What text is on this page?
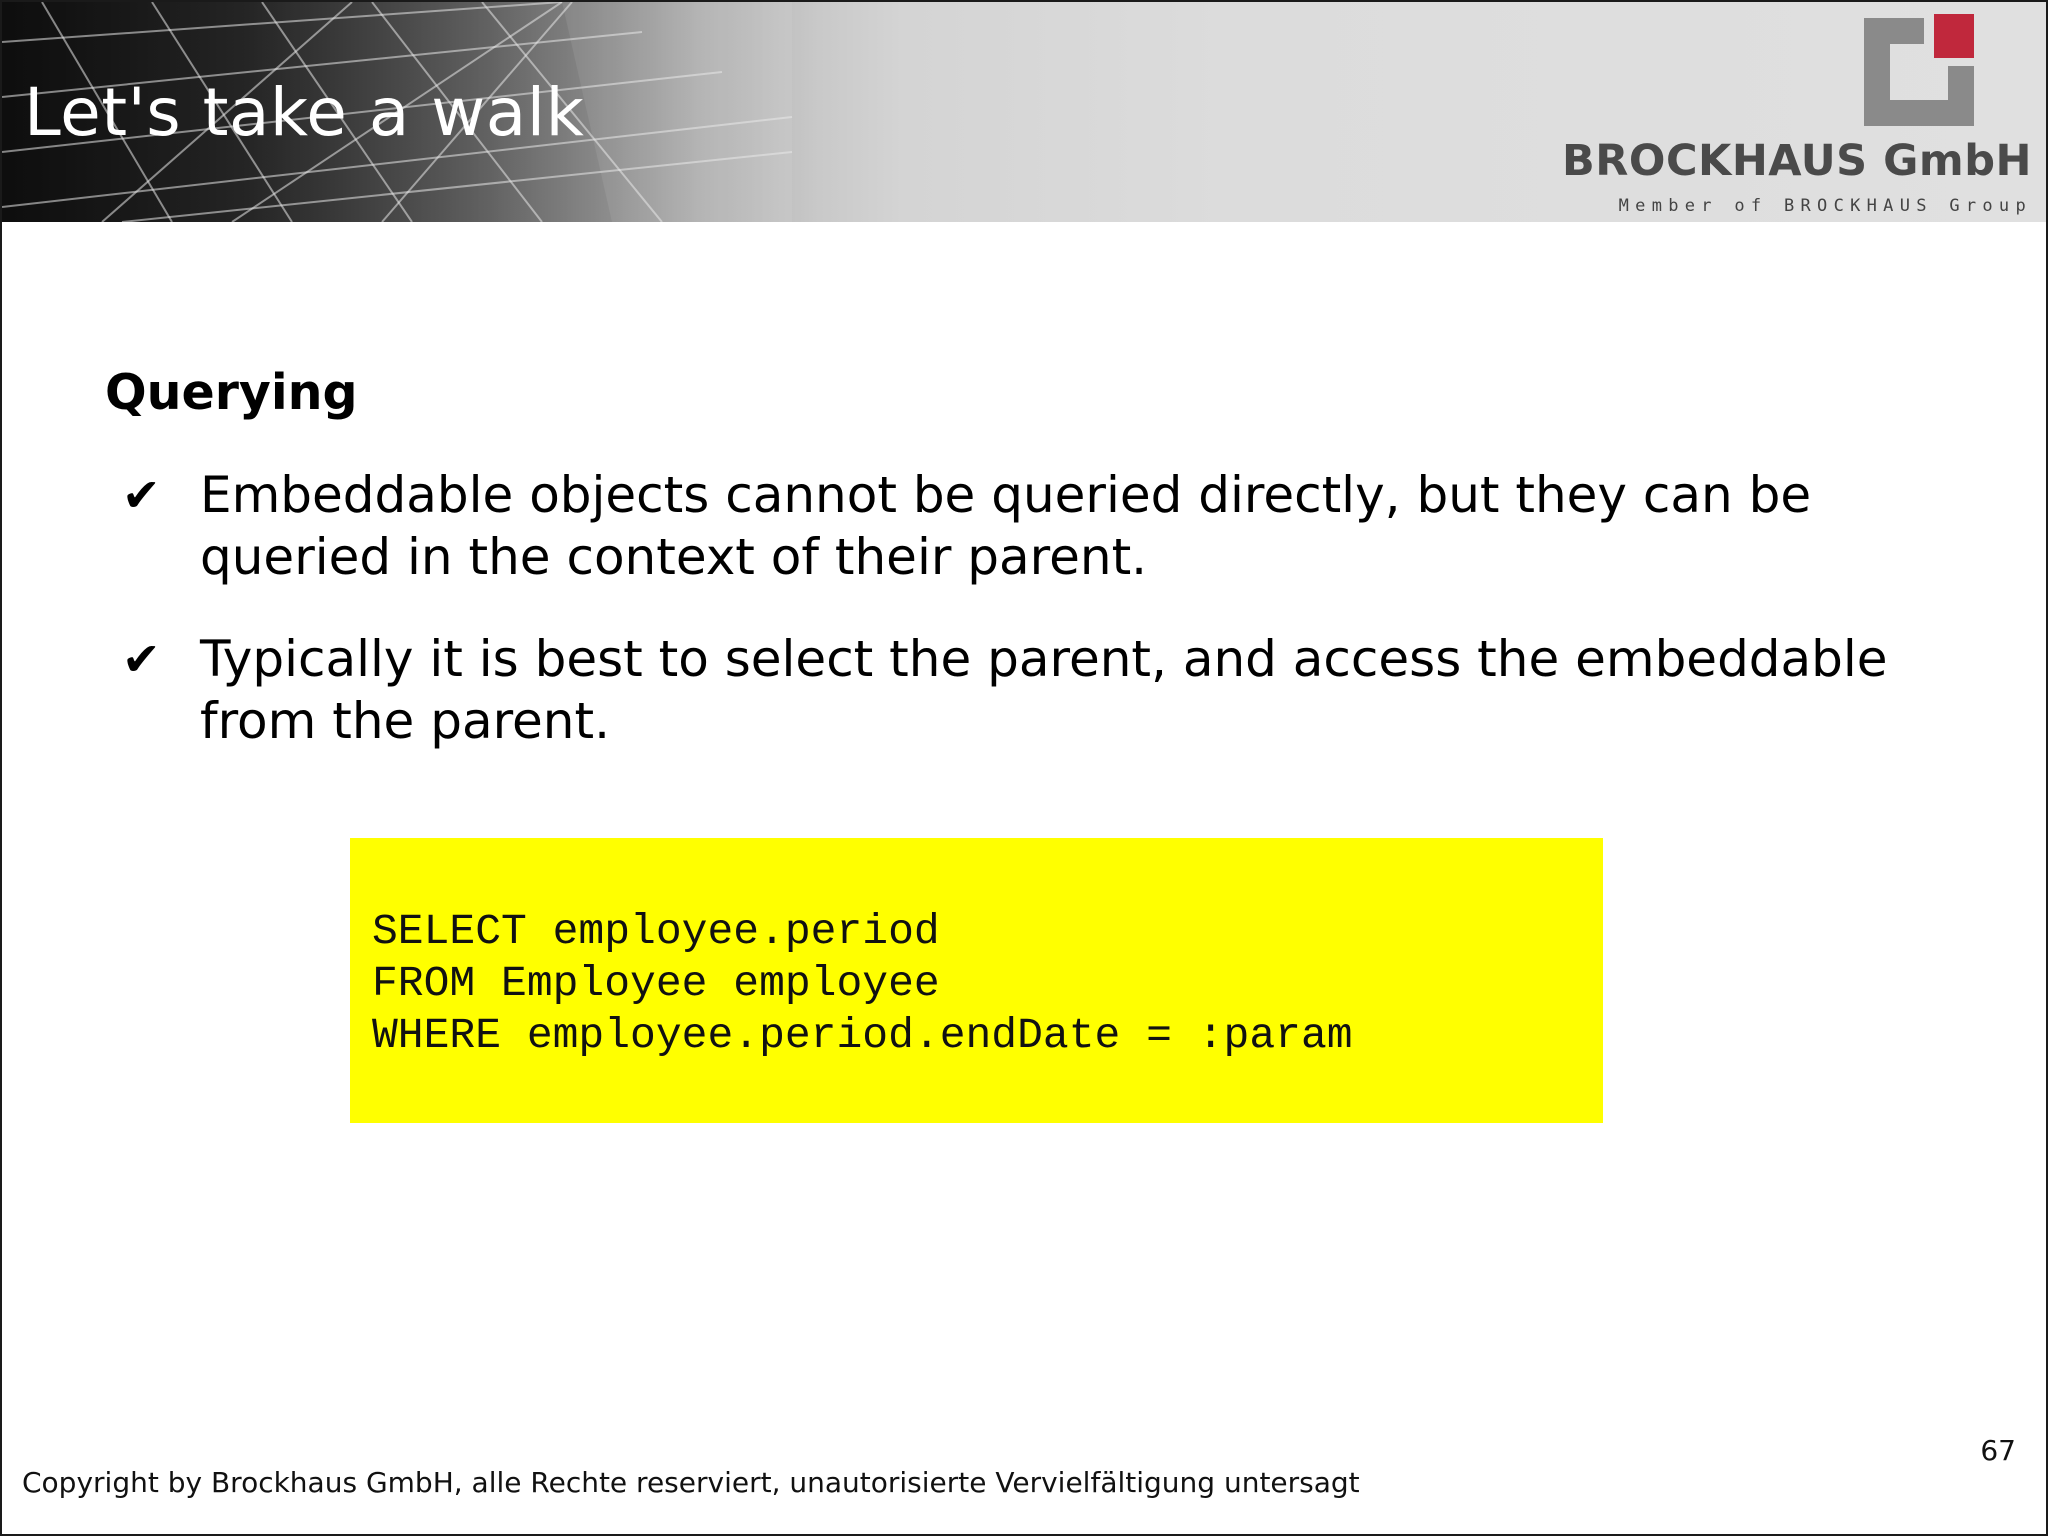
Let's take a walk
BROCKHAUS GmbH
Member of BROCKHAUS Group
Querying
✔ Embeddable objects cannot be queried directly, but they can be queried in the context of their parent.
✔ Typically it is best to select the parent, and access the embeddable from the parent.
SELECT employee.period
FROM Employee employee
WHERE employee.period.endDate = :param
67
Copyright by Brockhaus GmbH, alle Rechte reserviert, unautorisierte Vervielfältigung untersagt
